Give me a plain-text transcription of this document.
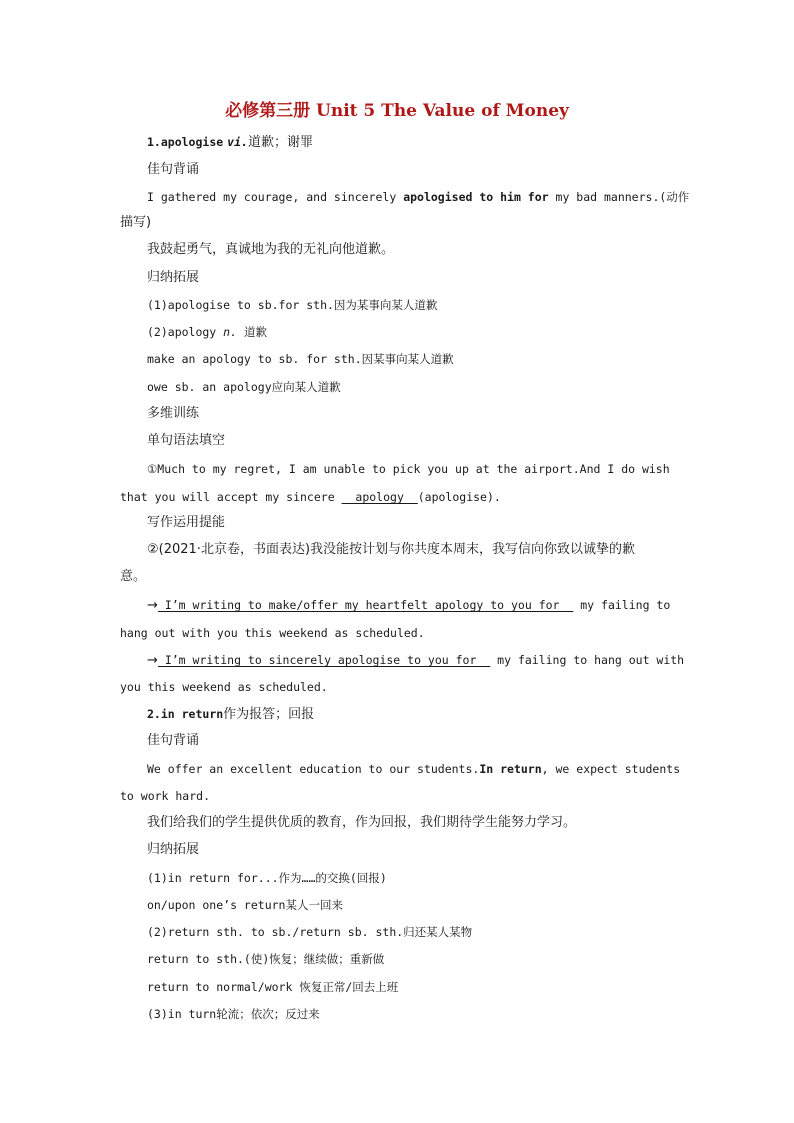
必修第三册 Unit 5 The Value of Money
1.apologise vi.道歉；谢罪
佳句背诵
I gathered my courage, and sincerely apologised to him for my bad manners.(动作
描写)
我鼓起勇气，真诚地为我的无礼向他道歉。
归纳拓展
(1)apologise to sb.for sth.因为某事向某人道歉
(2)apology n. 道歉
make an apology to sb. for sth.因某事向某人道歉
owe sb. an apology应向某人道歉
多维训练
单句语法填空
①Much to my regret, I am unable to pick you up at the airport.And I do wish
that you will accept my sincere   apology  (apologise).
写作运用提能
②(2021·北京卷，书面表达)我没能按计划与你共度本周末，我写信向你致以诚挚的歉
意。
→ I’m writing to make/offer my heartfelt apology to you for   my failing to
hang out with you this weekend as scheduled.
→ I’m writing to sincerely apologise to you for   my failing to hang out with
you this weekend as scheduled.
2.in return作为报答；回报
佳句背诵
We offer an excellent education to our students.In return, we expect students
to work hard.
我们给我们的学生提供优质的教育，作为回报，我们期待学生能努力学习。
归纳拓展
(1)in return for...作为……的交换(回报)
on/upon one’s return某人一回来
(2)return sth. to sb./return sb. sth.归还某人某物
return to sth.(使)恢复；继续做；重新做
return to normal/work 恢复正常/回去上班
(3)in turn轮流；依次；反过来
